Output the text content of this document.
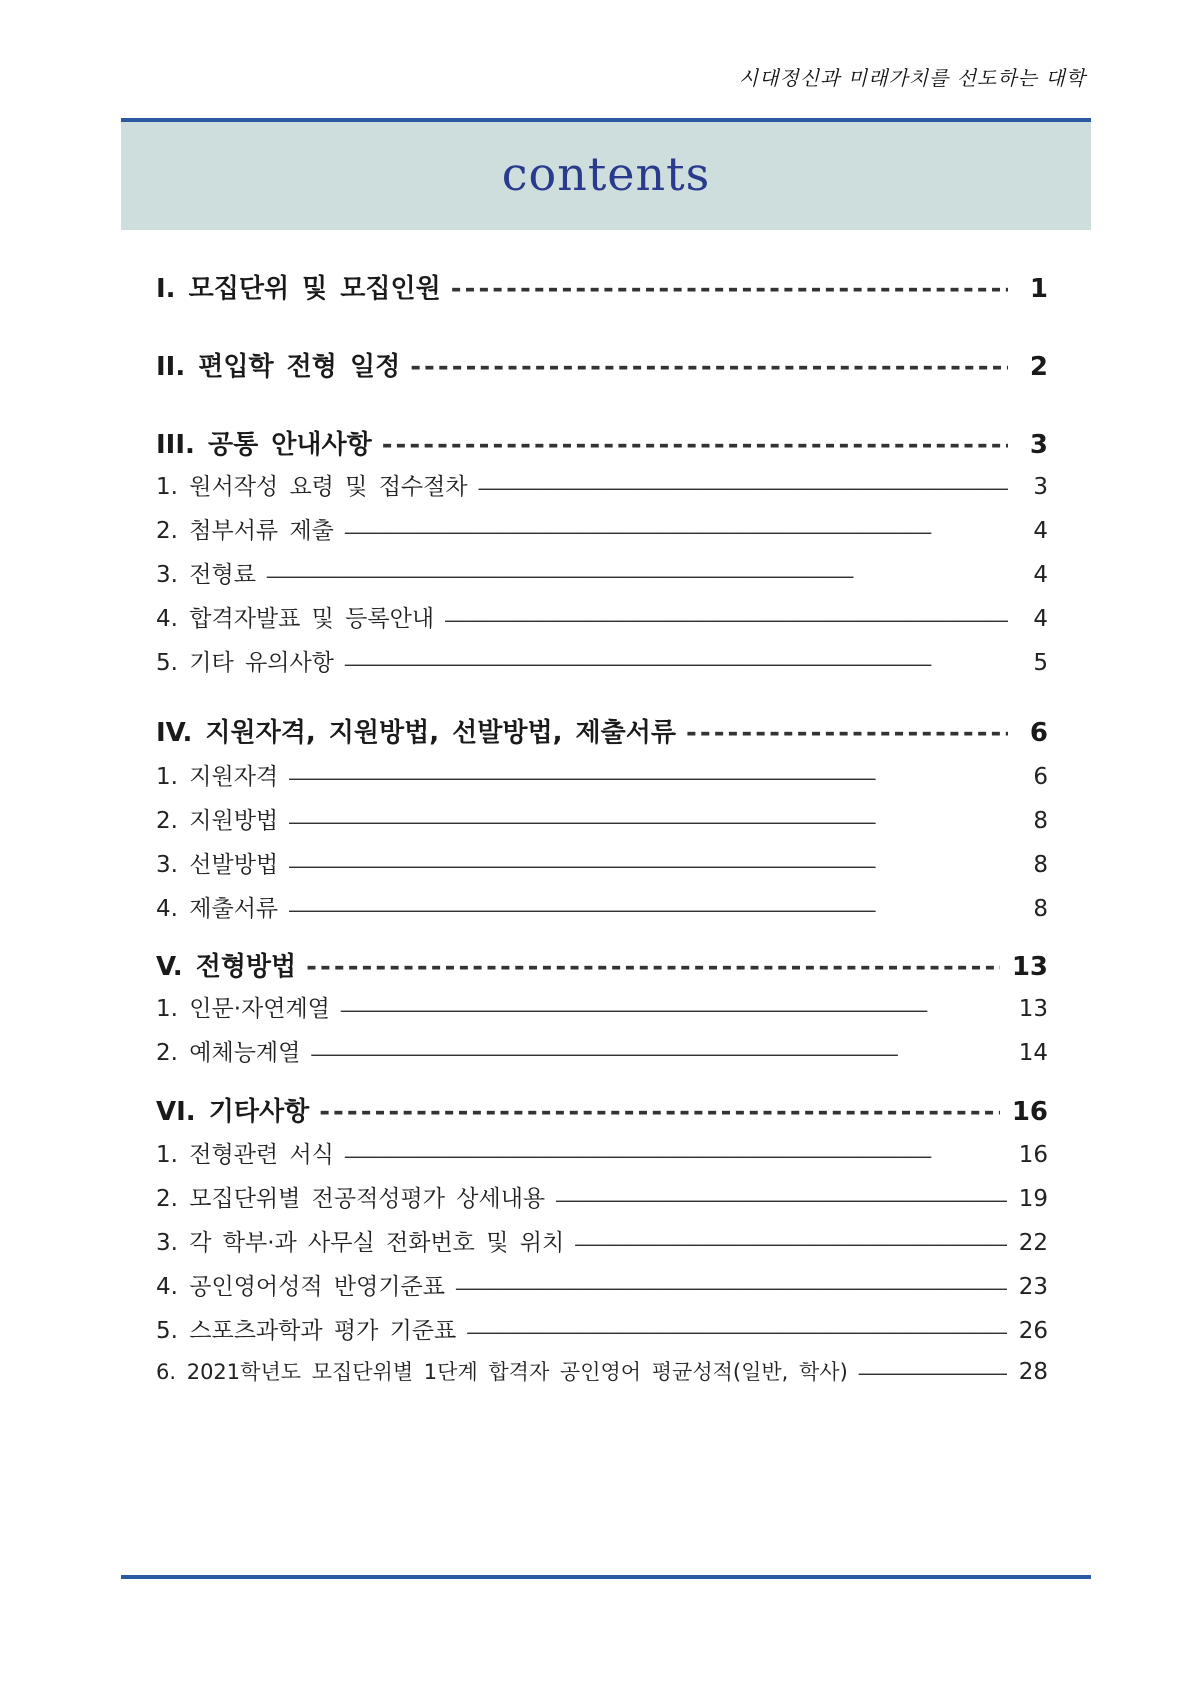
시대정신과 미래가치를 선도하는 대학
contents
I. 모집단위 및 모집인원 - - -	1
II. 편입학 전형 일정 - - -	2
III. 공통 안내사항 - - -	3
1. 원서작성 요령 및 접수절차 - - -	3
2. 첨부서류 제출 - - -	4
3. 전형료 - - -	4
4. 합격자발표 및 등록안내 - - -	4
5. 기타 유의사항 - - -	5
IV. 지원자격, 지원방법, 선발방법, 제출서류 - - -	6
1. 지원자격 - - -	6
2. 지원방법 - - -	8
3. 선발방법 - - -	8
4. 제출서류 - - -	8
V. 전형방법 - - -	13
1. 인문·자연계열 - - -	13
2. 예체능계열 - - -	14
VI. 기타사항 - - -	16
1. 전형관련 서식 - - -	16
2. 모집단위별 전공적성평가 상세내용 - - -	19
3. 각 학부·과 사무실 전화번호 및 위치 - - -	22
4. 공인영어성적 반영기준표 - - -	23
5. 스포츠과학과 평가 기준표 - - -	26
6. 2021학년도 모집단위별 1단계 합격자 공인영어 평균성적(일반, 학사) - - -	28
